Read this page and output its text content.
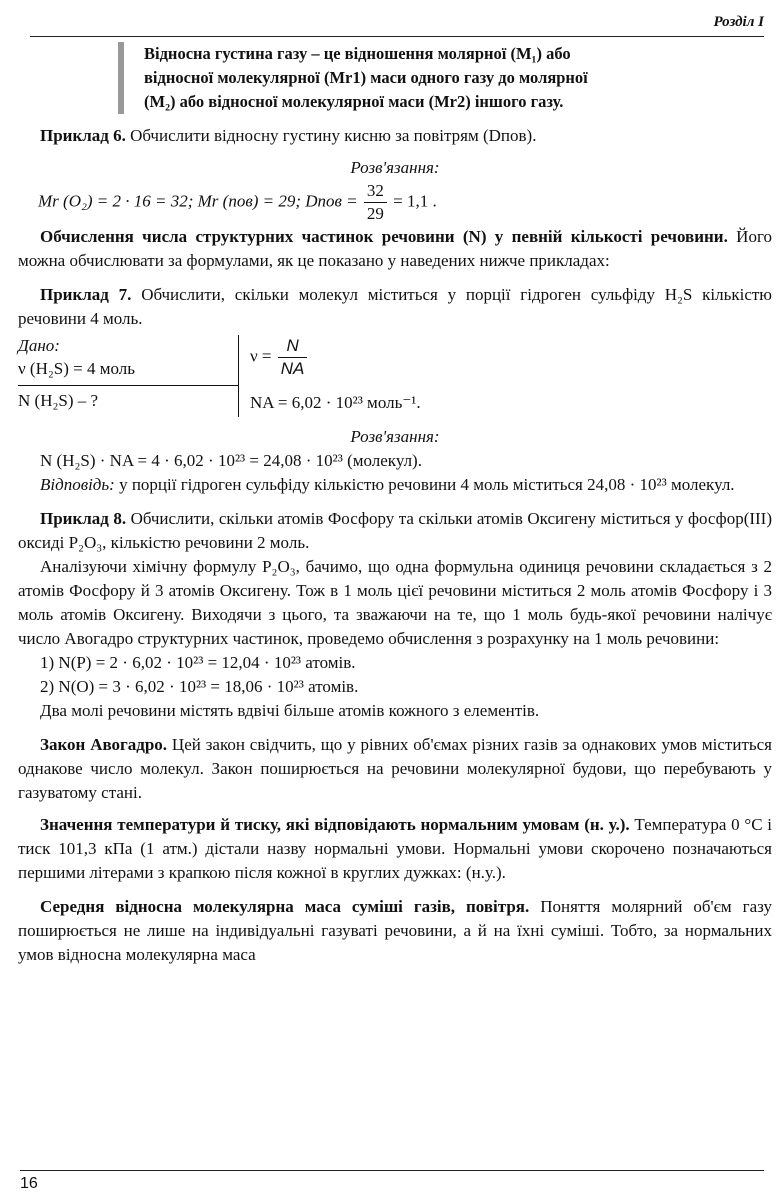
Розділ I
Відносна густина газу – це відношення молярної (M₁) або
відносної молекулярної (Mr1) маси одного газу до молярної
(M₂) або відносної молекулярної маси (Mr2) іншого газу.

Приклад 6. Обчислити відносну густину кисню за повітрям (Dпов).

Розв'язання:

Mr (O₂) = 2 · 16 = 32; Mr (пов) = 29; Dпов = $\frac{32}{29} = 1,1$ .

Обчислення числа структурних частинок речовини (N) у певній кількості речовини. Його можна обчислювати за формулами, як це показано у наведених нижче прикладах:

Приклад 7. Обчислити, скільки молекул міститься у порції гідроген сульфіду H₂S кількістю речовини 4 моль.

Дано:
ν (H₂S) = 4 моль
N (H₂S) – ?
$\nu = \frac{N}{NA}$
NA = 6,02 · 10²³ моль⁻¹.

Розв'язання:

N (H₂S) · NA = 4 · 6,02 · 10²³ = 24,08 · 10²³ (молекул).

Відповідь: у порції гідроген сульфіду кількістю речовини 4 моль міститься 24,08 · 10²³ молекул.

Приклад 8. Обчислити, скільки атомів Фосфору та скільки атомів Оксигену міститься у фосфор(III) оксиді P₂O₃, кількістю речовини 2 моль.

Аналізуючи хімічну формулу P₂O₃, бачимо, що одна формульна одиниця речовини складається з 2 атомів Фосфору й 3 атомів Оксигену. Тож в 1 моль цієї речовини міститься 2 моль атомів Фосфору і 3 моль атомів Оксигену. Виходячи з цього, та зважаючи на те, що 1 моль будь-якої речовини налічує число Авогадро структурних частинок, проведемо обчислення з розрахунку на 1 моль речовини:

1) N(P) = 2 · 6,02 · 10²³ = 12,04 · 10²³ атомів.
2) N(O) = 3 · 6,02 · 10²³ = 18,06 · 10²³ атомів.

Два молі речовини містять вдвічі більше атомів кожного з елементів.

Закон Авогадро. Цей закон свідчить, що у рівних об'ємах різних газів за однакових умов міститься однакове число молекул. Закон поширюється на речовини молекулярної будови, що перебувають у газуватому стані.

Значення температури й тиску, які відповідають нормальним умовам (н. у.). Температура 0 °C і тиск 101,3 кПа (1 атм.) дістали назву нормальні умови. Нормальні умови скорочено позначаються першими літерами з крапкою після кожної в круглих дужках: (н.у.).

Середня відносна молекулярна маса суміші газів, повітря. Поняття молярний об'єм газу поширюється не лише на індивідуальні газуваті речовини, а й на їхні суміші. Тобто, за нормальних умов відносна молекулярна маса

16
